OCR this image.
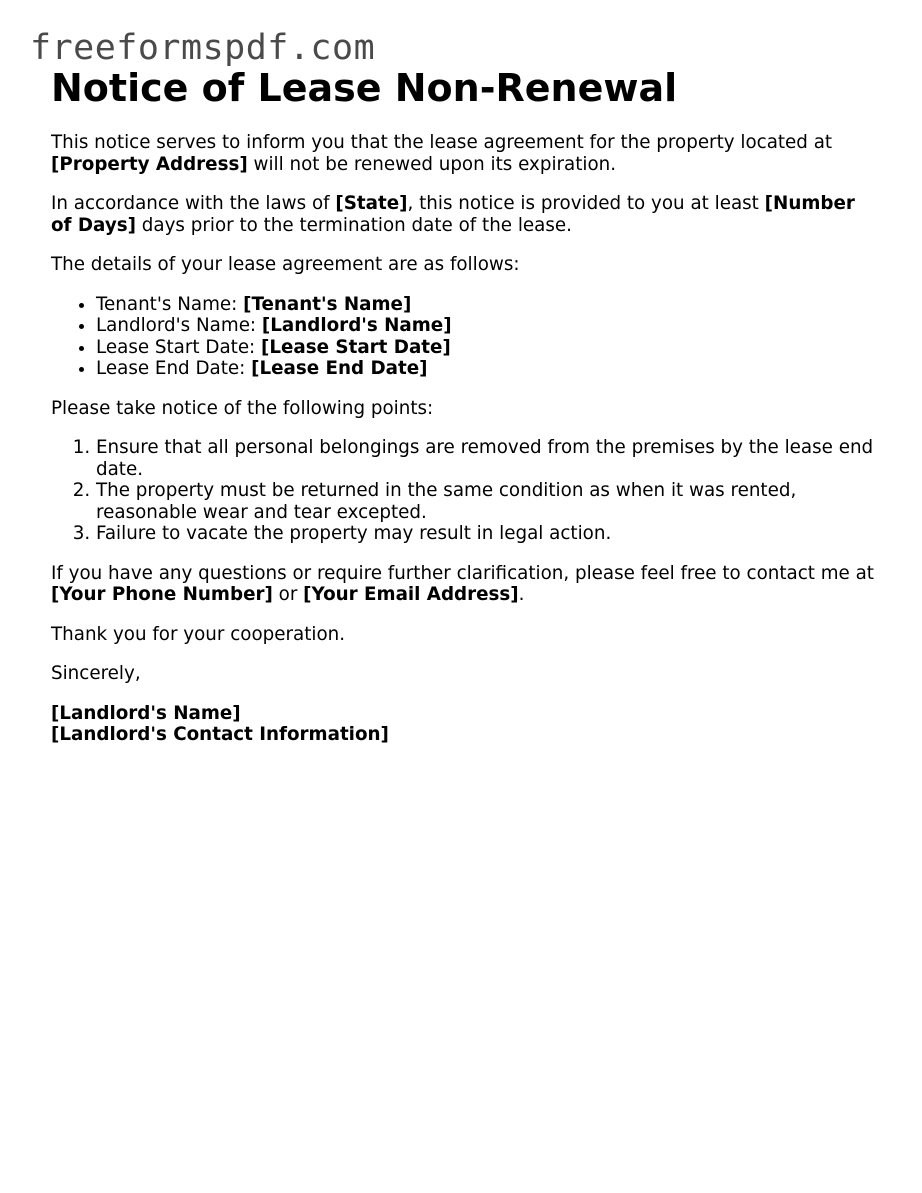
freeformspdf.com
Notice of Lease Non-Renewal

This notice serves to inform you that the lease agreement for the property located at [Property Address] will not be renewed upon its expiration.

In accordance with the laws of [State], this notice is provided to you at least [Number of Days] days prior to the termination date of the lease.

The details of your lease agreement are as follows:

• Tenant's Name: [Tenant's Name]
• Landlord's Name: [Landlord's Name]
• Lease Start Date: [Lease Start Date]
• Lease End Date: [Lease End Date]

Please take notice of the following points:

1. Ensure that all personal belongings are removed from the premises by the lease end date.
2. The property must be returned in the same condition as when it was rented, reasonable wear and tear excepted.
3. Failure to vacate the property may result in legal action.

If you have any questions or require further clarification, please feel free to contact me at [Your Phone Number] or [Your Email Address].

Thank you for your cooperation.

Sincerely,

[Landlord's Name]
[Landlord's Contact Information]
